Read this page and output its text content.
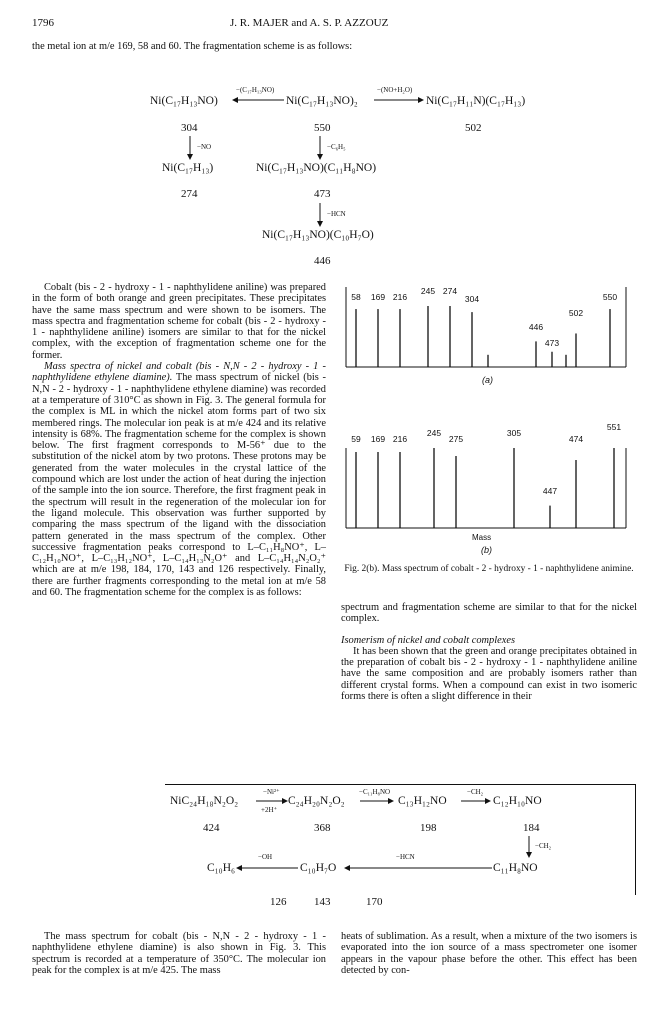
1796	J. R. MAJER and A. S. P. AZZOUZ
the metal ion at m/e 169, 58 and 60. The fragmentation scheme is as follows:
Ni(C₁₇H₁₃NO)
−(C₁₇H₁₃NO)
Ni(C₁₇H₁₃NO)₂
−(NO+H₂O)
Ni(C₁₇H₁₁N)(C₁₇H₁₃)
304	550	502
−NO	−C₆H₅
Ni(C₁₇H₁₃)	Ni(C₁₇H₁₃NO)(C₁₁H₈NO)
274	473
−HCN
Ni(C₁₇H₁₃NO)(C₁₀H₇O)
446

Cobalt (bis - 2 - hydroxy - 1 - naphthylidene aniline) was prepared in the form of both orange and green precipitates. These precipitates have the same mass spectrum and were shown to be isomers. The mass spectra and fragmentation scheme for cobalt (bis - 2 - hydroxy - 1 - naphthylidene aniline) isomers are similar to that for the nickel complex, with the exception of fragmentation scheme one for the former.

Mass spectra of nickel and cobalt (bis - N,N - 2 - hydroxy - 1 - naphthylidene ethylene diamine). The mass spectrum of nickel (bis - N,N - 2 - hydroxy - 1 - naphthylidene ethylene diamine) was recorded at a temperature of 310°C as shown in Fig. 3. The general formula for the complex is ML in which the nickel atom forms part of two six membered rings. The molecular ion peak is at m/e 424 and its relative intensity is 68%. The fragmentation scheme for the complex is shown below. The first fragment corresponds to M-56⁺ due to the substitution of the nickel atom by two protons. These protons may be generated from the water molecules in the crystal lattice of the compound which are lost under the action of heat during the injection of the sample into the ion source. Therefore, the first fragment peak in the spectrum will result in the regeneration of the molecular ion for the ligand molecule. This observation was further supported by comparing the mass spectrum of the ligand with the dissociation pattern generated in the mass spectrum of the complex. Other successive fragmentation peaks correspond to L–C₁₁H₈NO⁺, L–C₁₂H₁₀NO⁺, L–C₁₃H₁₂NO⁺, L–C₁₄H₁₃N₂O⁺ and L–C₁₄H₁₄N₂O₂⁺ which are at m/e 198, 184, 170, 143 and 126 respectively. Finally, there are further fragments corresponding to the metal ion at m/e 58 and 60. The fragmentation scheme for the complex is as follows:

58 169 216
245 274
304
446
473
502
550
59 169 216
245
275
305
447
474
551
(a)
Mass
(b)
Fig. 2(b). Mass spectrum of cobalt - 2 - hydroxy - 1 - naphthylidene animine.

spectrum and fragmentation scheme are similar to that for the nickel complex.

Isomerism of nickel and cobalt complexes

It has been shown that the green and orange precipitates obtained in the preparation of cobalt bis - 2 - hydroxy - 1 - naphthylidene aniline have the same composition and are probably isomers rather than different crystal forms. When a compound can exist in two isomeric forms there is often a slight difference in their

NiC₂₄H₁₈N₂O₂
−Ni²⁺
+2H⁺
C₂₄H₂₀N₂O₂
−C₁₁H₈NO
C₁₃H₁₂NO
−CH₂
C₁₂H₁₀NO
424	368	198	184
−CH₂
C₁₀H₆
−OH
C₁₀H₇O
−HCN
C₁₁H₈NO
126	143	170
The mass spectrum for cobalt (bis - N,N - 2 - hydroxy - 1 - naphthylidene ethylene diamine) is also shown in Fig. 3. This spectrum is recorded at a temperature of 350°C. The molecular ion peak for the complex is at m/e 425. The mass
heats of sublimation. As a result, when a mixture of the two isomers is evaporated into the ion source of a mass spectrometer one isomer appears in the vapour phase before the other. This effect has been detected by con-
